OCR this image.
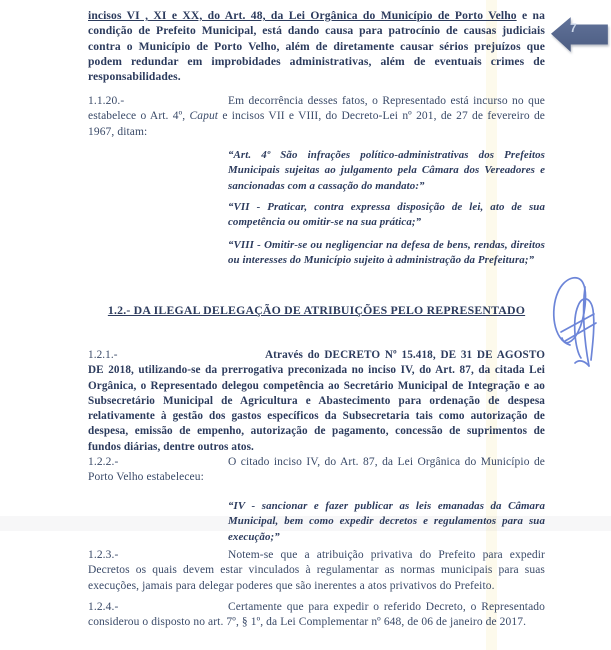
7

incisos VI , XI e XX, do Art. 48, da Lei Orgânica do Município de Porto Velho e na condição de Prefeito Municipal, está dando causa para patrocínio de causas judiciais contra o Município de Porto Velho, além de diretamente causar sérios prejuízos que podem redundar em improbidades administrativas, além de eventuais crimes de responsabilidades.

1.1.20.-	Em decorrência desses fatos, o Representado está incurso no que estabelece o Art. 4º, Caput e incisos VII e VIII, do Decreto-Lei nº 201, de 27 de fevereiro de 1967, ditam:

“Art. 4º São infrações político-administrativas dos Prefeitos Municipais sujeitas ao julgamento pela Câmara dos Vereadores e sancionadas com a cassação do mandato:”

“VII - Praticar, contra expressa disposição de lei, ato de sua competência ou omitir-se na sua prática;”

“VIII - Omitir-se ou negligenciar na defesa de bens, rendas, direitos ou interesses do Município sujeito à administração da Prefeitura;”

1.2.- DA ILEGAL DELEGAÇÃO DE ATRIBUIÇÕES PELO REPRESENTADO

1.2.1.-	Através do DECRETO Nº 15.418, DE 31 DE AGOSTO DE 2018, utilizando-se da prerrogativa preconizada no inciso IV, do Art. 87, da citada Lei Orgânica, o Representado delegou competência ao Secretário Municipal de Integração e ao Subsecretário Municipal de Agricultura e Abastecimento para ordenação de despesa relativamente à gestão dos gastos específicos da Subsecretaria tais como autorização de despesa, emissão de empenho, autorização de pagamento, concessão de suprimentos de fundos diárias, dentre outros atos.

1.2.2.-	O citado inciso IV, do Art. 87, da Lei Orgânica do Município de Porto Velho estabeleceu:

“IV - sancionar e fazer publicar as leis emanadas da Câmara Municipal, bem como expedir decretos e regulamentos para sua execução;”

1.2.3.-	Notem-se que a atribuição privativa do Prefeito para expedir Decretos os quais devem estar vinculados à regulamentar as normas municipais para suas execuções, jamais para delegar poderes que são inerentes a atos privativos do Prefeito.

1.2.4.-	Certamente que para expedir o referido Decreto, o Representado considerou o disposto no art. 7º, § 1º, da Lei Complementar nº 648, de 06 de janeiro de 2017.
